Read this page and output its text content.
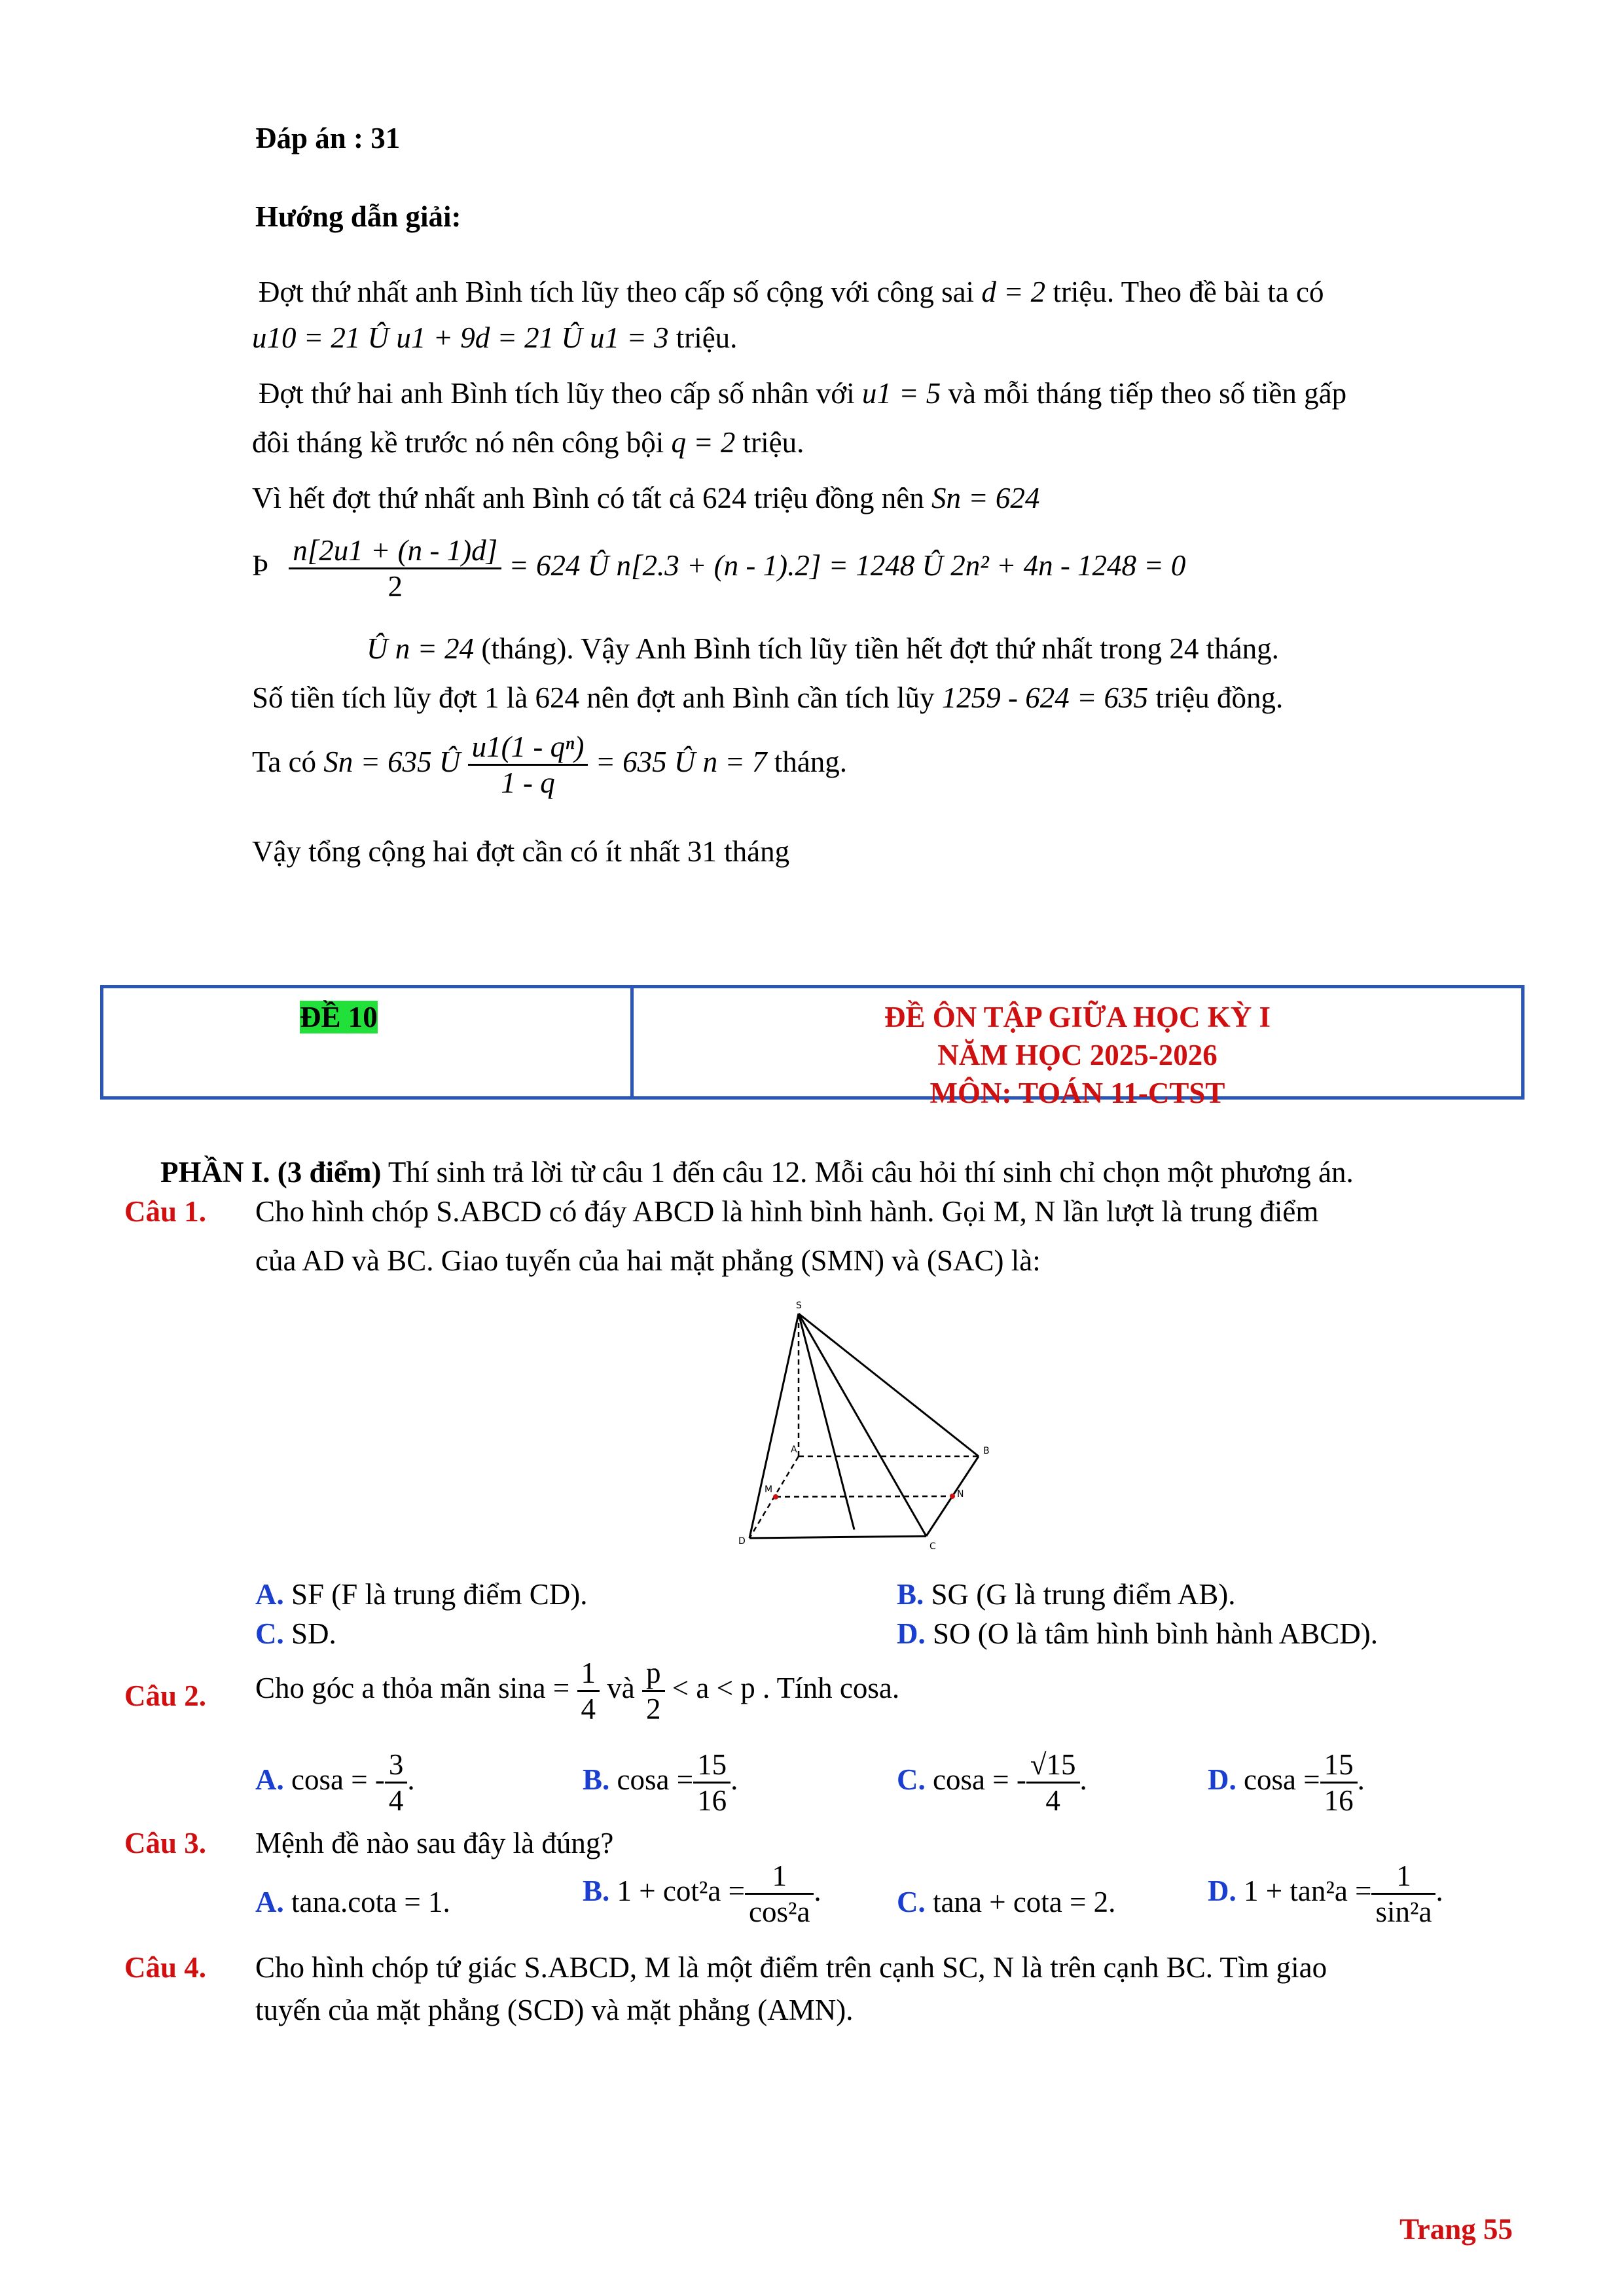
Đáp án : 31
Hướng dẫn giải:
Đợt thứ nhất anh Bình tích lũy theo cấp số cộng với công sai d = 2 triệu. Theo đề bài ta có
u10 = 21 Û u1 + 9d = 21 Û u1 = 3 triệu.
Đợt thứ hai anh Bình tích lũy theo cấp số nhân với u1 = 5 và mỗi tháng tiếp theo số tiền gấp
đôi tháng kề trước nó nên công bội q = 2 triệu.
Vì hết đợt thứ nhất anh Bình có tất cả 624 triệu đồng nên Sn = 624
Þ $\frac{n[2u1 + (n - 1)d]}{2} = 624$ Û n[2.3 + (n - 1).2] = 1248 Û 2n² + 4n - 1248 = 0
Û n = 24 (tháng). Vậy Anh Bình tích lũy tiền hết đợt thứ nhất trong 24 tháng.
Số tiền tích lũy đợt 1 là 624 nên đợt anh Bình cần tích lũy 1259 - 624 = 635 triệu đồng.
Ta có Sn = 635 Û $\frac{\text{u1(1 - qⁿ)}}{1 - q} = 635$ Û n = 7 tháng.
Vậy tổng cộng hai đợt cần có ít nhất 31 tháng
ĐỀ 10	ĐỀ ÔN TẬP GIỮA HỌC KỲ I
NĂM HỌC 2025-2026
MÔN: TOÁN 11-CTST
PHẦN I. (3 điểm) Thí sinh trả lời từ câu 1 đến câu 12. Mỗi câu hỏi thí sinh chỉ chọn một phương án.
Câu 1. Cho hình chóp S.ABCD có đáy ABCD là hình bình hành. Gọi M, N lần lượt là trung điểm
của AD và BC. Giao tuyến của hai mặt phẳng (SMN) và (SAC) là:
S
A	B
C
D
M	N
A. SF (F là trung điểm CD).	B. SG (G là trung điểm AB).
C. SD.	D. SO (O là tâm hình bình hành ABCD).
Câu 2. Cho góc a thỏa mãn $\sin a = \frac{1}{4}$ và $\frac{p}{2} < a < p$ . Tính cosa.
A. cosa = - $\frac{3}{4}$ .	B. $\cos a = \frac{15}{16}$ .	C. cosa = - $\frac{√15}{4}$ .	D. $\cos a = \frac{15}{16}$ .
Câu 3. Mệnh đề nào sau đây là đúng?
A. tana.cota = 1.	B. $1 + \cot^2a = \frac{1}{\text{cos²a}}$ .	C. tana + cota = 2.	D. $1 + \tan^2a = \frac{1}{\text{sin²a}}$ .
Câu 4. Cho hình chóp tứ giác S.ABCD, M là một điểm trên cạnh SC, N là trên cạnh BC. Tìm giao
tuyến của mặt phẳng (SCD) và mặt phẳng (AMN).
Trang 55
